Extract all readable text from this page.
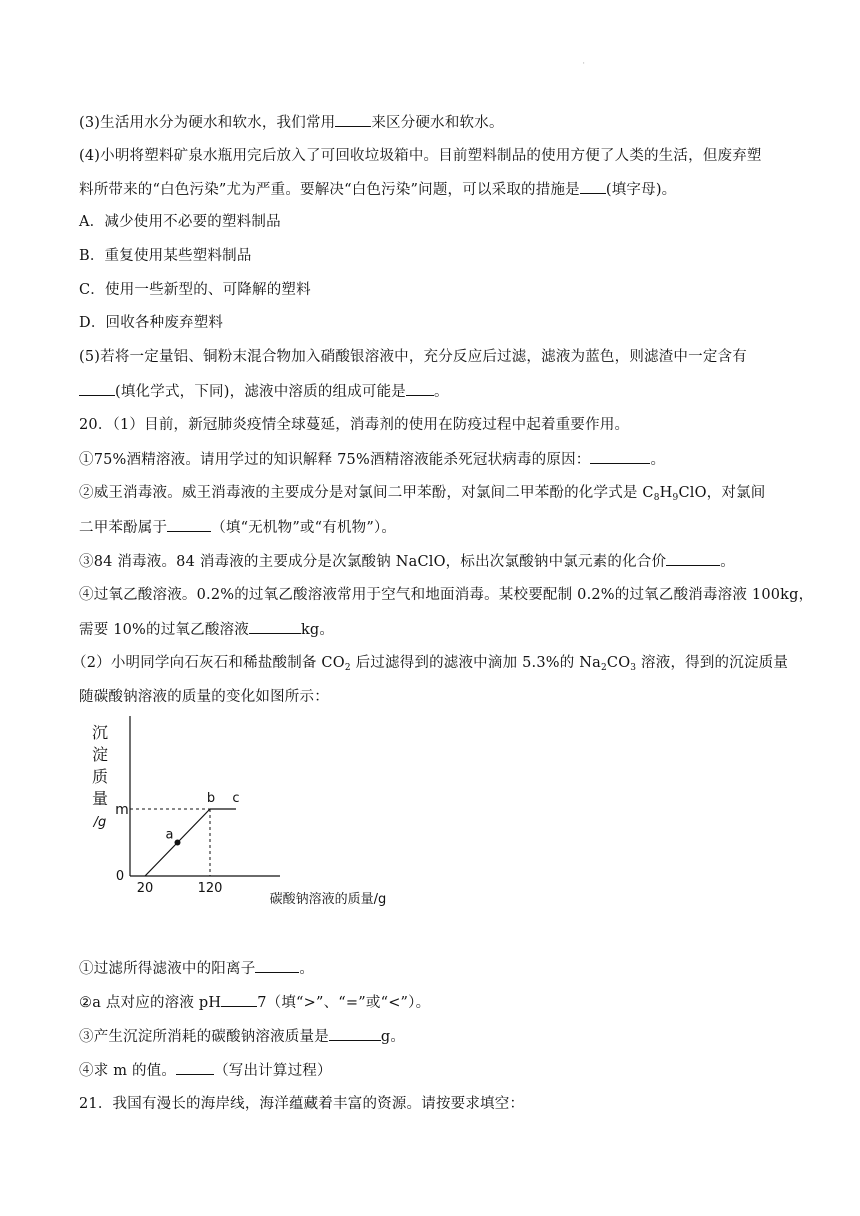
'
(3)生活用水分为硬水和软水，我们常用 来区分硬水和软水。
(4)小明将塑料矿泉水瓶用完后放入了可回收垃圾箱中。目前塑料制品的使用方便了人类的生活，但废弃塑
料所带来的“白色污染”尤为严重。要解决“白色污染”问题，可以采取的措施是 (填字母)。
A．减少使用不必要的塑料制品
B．重复使用某些塑料制品
C．使用一些新型的、可降解的塑料
D．回收各种废弃塑料
(5)若将一定量铝、铜粉末混合物加入硝酸银溶液中，充分反应后过滤，滤液为蓝色，则滤渣中一定含有
(填化学式，下同)，滤液中溶质的组成可能是 。
20．（1）目前，新冠肺炎疫情全球蔓延，消毒剂的使用在防疫过程中起着重要作用。
①75%酒精溶液。请用学过的知识解释 75%酒精溶液能杀死冠状病毒的原因：	。
②威王消毒液。威王消毒液的主要成分是对氯间二甲苯酚，对氯间二甲苯酚的化学式是 $C_8H_9ClO$，对氯间
二甲苯酚属于	（填“无机物”或“有机物”）。
③84 消毒液。84 消毒液的主要成分是次氯酸钠 NaClO，标出次氯酸钠中氯元素的化合价	。
④过氧乙酸溶液。0.2%的过氧乙酸溶液常用于空气和地面消毒。某校要配制 0.2%的过氧乙酸消毒溶液 100kg，
需要 10%的过氧乙酸溶液	kg。
（2）小明同学向石灰石和稀盐酸制备 $CO_2$ 后过滤得到的滤液中滴加 5.3%的 $Na_2CO_3$ 溶液，得到的沉淀质量
随碳酸钠溶液的质量的变化如图所示：
沉
淀
质
量
/g
0
20	120
m
b c
a
碳酸钠溶液的质量/g
①过滤所得滤液中的阳离子	。
②a 点对应的溶液 pH 7（填“>”、“=”或“<”）。
③产生沉淀所消耗的碳酸钠溶液质量是	g。
④求 m 的值。	（写出计算过程）
21．我国有漫长的海岸线，海洋蕴藏着丰富的资源。请按要求填空：
